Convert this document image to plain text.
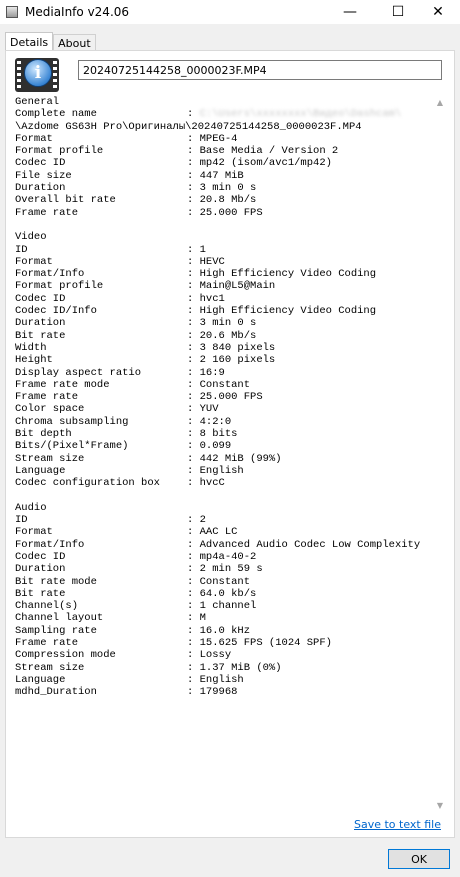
MediaInfo v24.06	— ☐ ✕
Details About
i
20240725144258_0000023F.MP4
General
Complete name	: C:\Users\xxxxxxxx\Видео\Dashcam\
\Azdome GS63H Pro\Оригиналы\20240725144258_0000023F.MP4
Format	: MPEG-4
Format profile	: Base Media / Version 2
Codec ID	: mp42 (isom/avc1/mp42)
File size	: 447 MiB
Duration	: 3 min 0 s
Overall bit rate	: 20.8 Mb/s
Frame rate	: 25.000 FPS
Video
ID	: 1
Format	: HEVC
Format/Info	: High Efficiency Video Coding
Format profile	: Main@L5@Main
Codec ID	: hvc1
Codec ID/Info	: High Efficiency Video Coding
Duration	: 3 min 0 s
Bit rate	: 20.6 Mb/s
Width	: 3 840 pixels
Height	: 2 160 pixels
Display aspect ratio	: 16:9
Frame rate mode	: Constant
Frame rate	: 25.000 FPS
Color space	: YUV
Chroma subsampling	: 4:2:0
Bit depth	: 8 bits
Bits/(Pixel*Frame)	: 0.099
Stream size	: 442 MiB (99%)
Language	: English
Codec configuration box	: hvcC
Audio
ID	: 2
Format	: AAC LC
Format/Info	: Advanced Audio Codec Low Complexity
Codec ID	: mp4a-40-2
Duration	: 2 min 59 s
Bit rate mode	: Constant
Bit rate	: 64.0 kb/s
Channel(s)	: 1 channel
Channel layout	: M
Sampling rate	: 16.0 kHz
Frame rate	: 15.625 FPS (1024 SPF)
Compression mode	: Lossy
Stream size	: 1.37 MiB (0%)
Language	: English
mdhd_Duration	: 179968
▲
▼
Save to text file
OK
